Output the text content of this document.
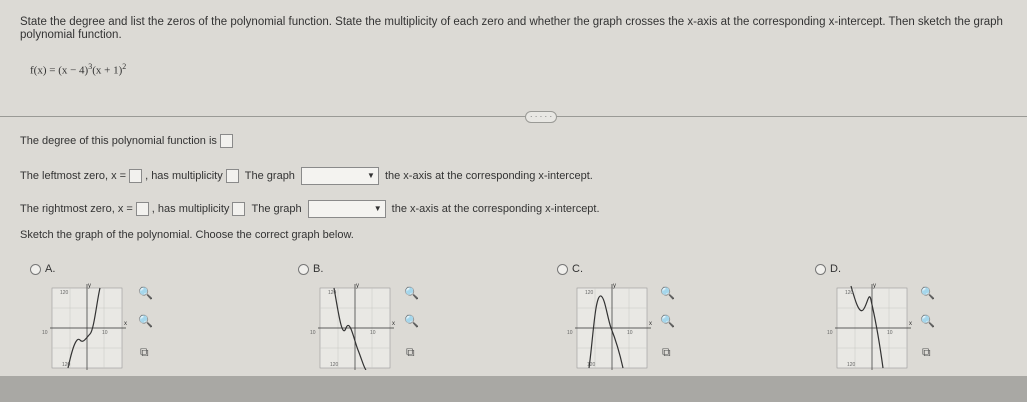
State the degree and list the zeros of the polynomial function. State the multiplicity of each zero and whether the graph crosses the x-axis at the corresponding x-intercept. Then sketch the graph polynomial function.
$f(x) = (x - 4)^3(x + 1)^2$
· · · · ·
The degree of this polynomial function is
The leftmost zero, x = , has multiplicity The graph	▼ the x-axis at the corresponding x-intercept.
The rightmost zero, x = , has multiplicity The graph	▼ the x-axis at the corresponding x-intercept.
Sketch the graph of the polynomial. Choose the correct graph below.
A.	B.	C.	D.
y
x
120
10	10
120
🔍
🔍
⧉
y
x
120
10	10
120
🔍
🔍
⧉
y
x
120
10	10
120
🔍
🔍
⧉
y
x
120
10	10
120
🔍
🔍
⧉
